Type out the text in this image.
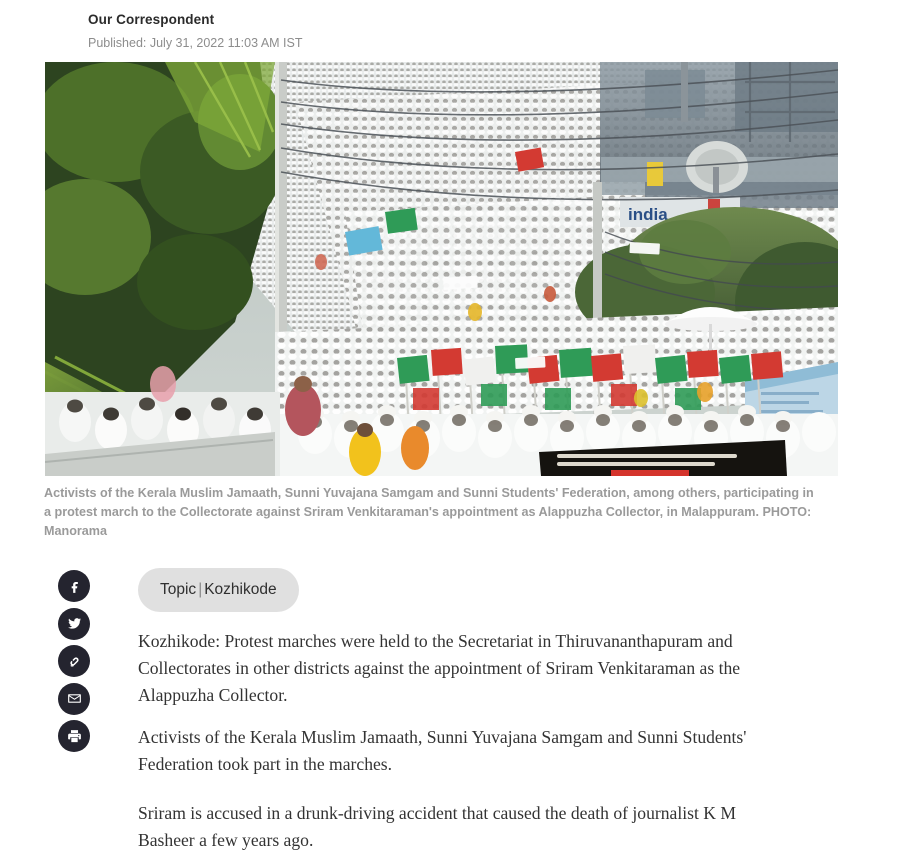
Our Correspondent
Published: July 31, 2022 11:03 AM IST
india
Activists of the Kerala Muslim Jamaath, Sunni Yuvajana Samgam and Sunni Students' Federation, among others, participating in a protest march to the Collectorate against Sriram Venkitaraman's appointment as Alappuzha Collector, in Malappuram. PHOTO: Manorama
Topic | Kozhikode

Kozhikode: Protest marches were held to the Secretariat in Thiruvananthapuram and Collectorates in other districts against the appointment of Sriram Venkitaraman as the Alappuzha Collector.

Activists of the Kerala Muslim Jamaath, Sunni Yuvajana Samgam and Sunni Students' Federation took part in the marches.

Sriram is accused in a drunk-driving accident that caused the death of journalist K M Basheer a few years ago.
